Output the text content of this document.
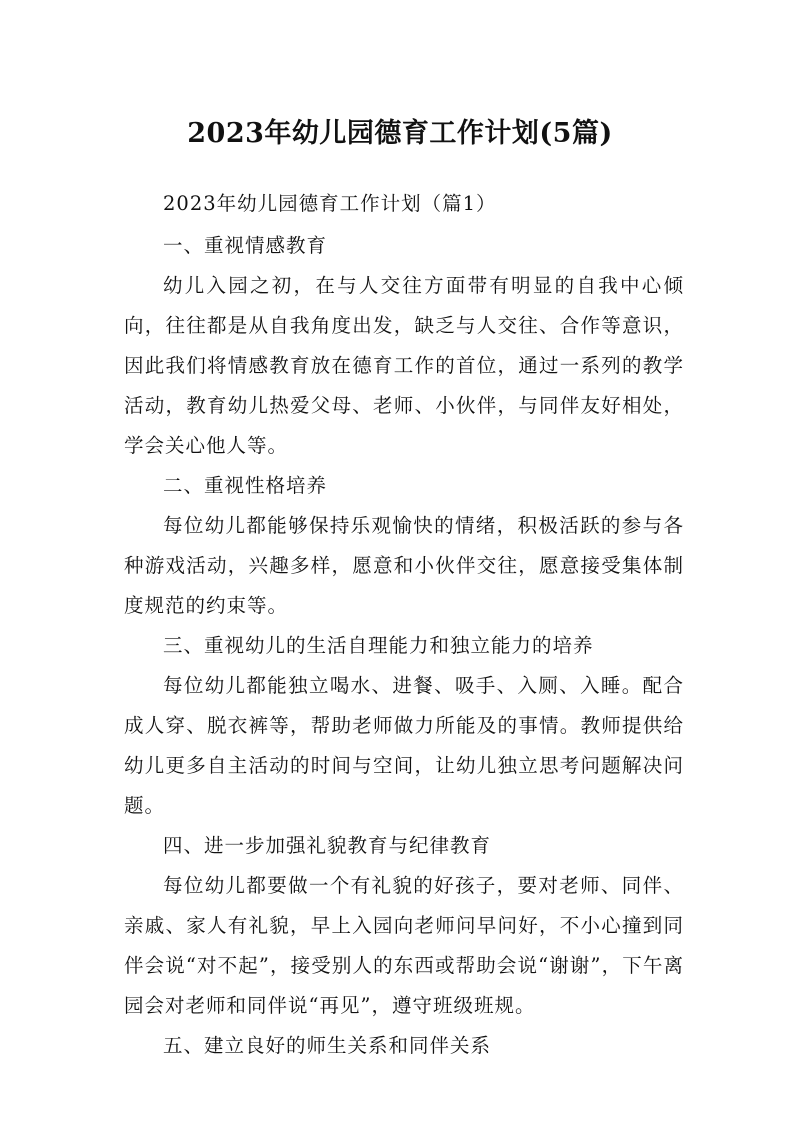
2023年幼儿园德育工作计划(5篇)

2023年幼儿园德育工作计划（篇1）

一、重视情感教育

幼儿入园之初，在与人交往方面带有明显的自我中心倾向，往往都是从自我角度出发，缺乏与人交往、合作等意识，因此我们将情感教育放在德育工作的首位，通过一系列的教学活动，教育幼儿热爱父母、老师、小伙伴，与同伴友好相处，学会关心他人等。

二、重视性格培养

每位幼儿都能够保持乐观愉快的情绪，积极活跃的参与各种游戏活动，兴趣多样，愿意和小伙伴交往，愿意接受集体制度规范的约束等。

三、重视幼儿的生活自理能力和独立能力的培养

每位幼儿都能独立喝水、进餐、吸手、入厕、入睡。配合成人穿、脱衣裤等，帮助老师做力所能及的事情。教师提供给幼儿更多自主活动的时间与空间，让幼儿独立思考问题解决问题。

四、进一步加强礼貌教育与纪律教育

每位幼儿都要做一个有礼貌的好孩子，要对老师、同伴、亲戚、家人有礼貌，早上入园向老师问早问好，不小心撞到同伴会说“对不起”，接受别人的东西或帮助会说“谢谢”，下午离园会对老师和同伴说“再见”，遵守班级班规。

五、建立良好的师生关系和同伴关系
